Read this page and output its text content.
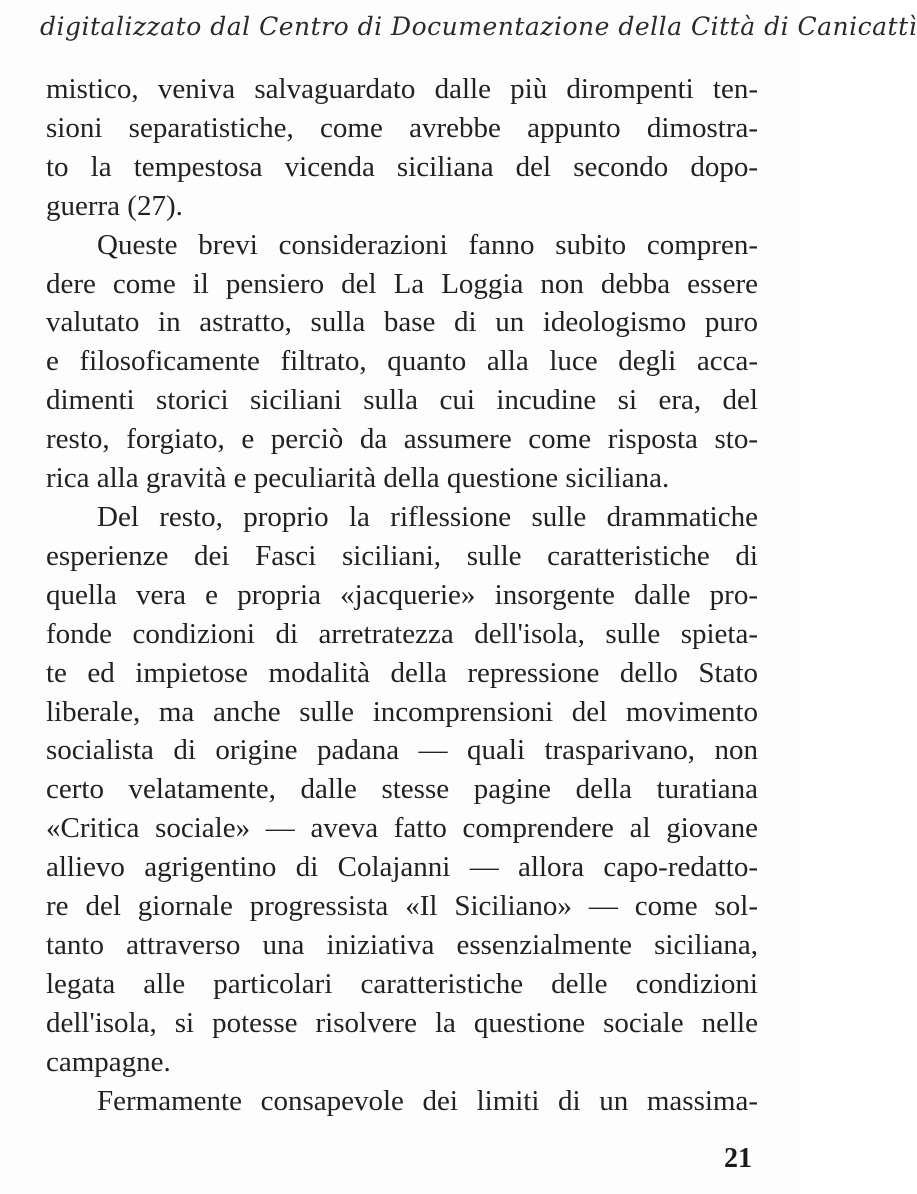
digitalizzato dal Centro di Documentazione della Città di Canicattì

mistico, veniva salvaguardato dalle più dirompenti ten-
sioni separatistiche, come avrebbe appunto dimostra-
to la tempestosa vicenda siciliana del secondo dopo-
guerra (27).

Queste brevi considerazioni fanno subito compren-
dere come il pensiero del La Loggia non debba essere
valutato in astratto, sulla base di un ideologismo puro
e filosoficamente filtrato, quanto alla luce degli acca-
dimenti storici siciliani sulla cui incudine si era, del
resto, forgiato, e perciò da assumere come risposta sto-
rica alla gravità e peculiarità della questione siciliana.

Del resto, proprio la riflessione sulle drammatiche
esperienze dei Fasci siciliani, sulle caratteristiche di
quella vera e propria «jacquerie» insorgente dalle pro-
fonde condizioni di arretratezza dell'isola, sulle spieta-
te ed impietose modalità della repressione dello Stato
liberale, ma anche sulle incomprensioni del movimento
socialista di origine padana — quali trasparivano, non
certo velatamente, dalle stesse pagine della turatiana
«Critica sociale» — aveva fatto comprendere al giovane
allievo agrigentino di Colajanni — allora capo-redatto-
re del giornale progressista «Il Siciliano» — come sol-
tanto attraverso una iniziativa essenzialmente siciliana,
legata alle particolari caratteristiche delle condizioni
dell'isola, si potesse risolvere la questione sociale nelle
campagne.

Fermamente consapevole dei limiti di un massima-

21
